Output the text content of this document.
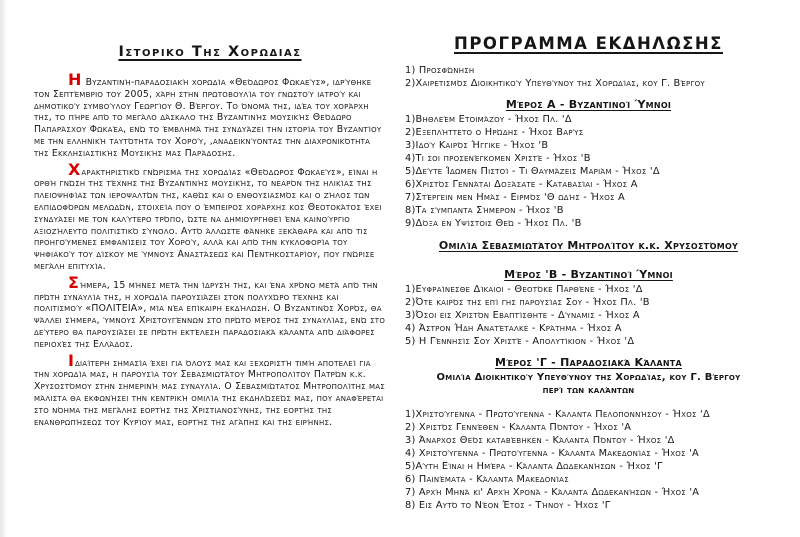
Ιστορικο Της Χορωδιας

Η Βυζαντινή-παραδοσιακή χορωδία «Θεόδωρος Φωκαεύς», ιδρύθηκε τον Σεπτέμβριο του 2005, χάρη στην πρωτοβουλία του γνωστού ιατρού και δημοτικού συμβούλου Γεωργίου Θ. Βέργου. Το όνομά της, ιδέα του χοράρχη της, το πήρε από το μεγάλο δάσκαλο της Βυζαντινής μουσικής Θεόδωρο Παπαράσχου Φωκαέα, ενώ το έμβλημά της συνδυάζει την ιστορία του Βυζαντίου με την ελληνική ταυτότητα του Χορού, ,αναδεικνύοντας την διαχρονικότητα της Εκκλησιαστικής Μουσικής μας Παράδοσης.

Χαρακτηριστικό γνώρισμα της χορωδίας «Θεόδωρος Φωκαεύς», είναι η ορθή γνώση της τέχνης της Βυζαντινής μουσικής, το νεαρόν της ηλικίας της πλειοψηφίας των ιεροψαλτών της, καθώς και ο ενθουσιασμός και ο ζήλος των ελπιδοφόρων μελωδών, στοιχεία που ο έμπειρος χοράρχης κος Θεοτοκάτος έχει συνδυάσει με τον καλύτερο τρόπο, ώστε να δημιουργηθεί ένα καινούργιο αξιοζήλευτο πολιτιστικό σύνολο. Αυτό άλλωστε φάνηκε ξεκάθαρα και από τις προηγούμενες εμφανίσεις του Χορού, αλλά και από την κυκλοφορία του ψηφιακού του δίσκου με ύμνους Αναστάσεως και Πεντηκοσταρίου, που γνώρισε μεγάλη επιτυχία.

Σήμερα, 15 μήνες μετά την ίδρυσή της, και ένα χρόνο μετά από την πρώτη συναυλία της, η χορωδία παρουσιάζει στον πολυχώρο τέχνης και πολιτισμού «ΠΟΛΙΤΕΙΑ», μία νέα επίκαιρη εκδήλωση. Ο Βυζαντινός Χορός, θα ψάλλει σήμερα, ύμνους Χριστουγέννων στο πρώτο μέρος της συναυλίας, ενώ στο δεύτερο θα παρουσιάσει σε πρώτη εκτέλεση παραδοσιακά κάλαντα από διάφορες περιοχές της Ελλάδος.

Ιδιαίτερη σημασία έχει για όλους μας και ξεχωριστή τιμή αποτελεί για την χορωδία μας, η παρουσία του Σεβασμιωτάτου Μητροπολίτου Πατρών κ.κ. Χρυσοστόμου στην σημερινή μας συναυλία. Ο Σεβασμιώτατος Μητροπολίτης μας μάλιστα θα εκφωνήσει την κεντρική ομιλία της εκδηλώσεώς μας, που αναφέρεται στο νόημα της μεγάλης εορτής της Χριστιανοσύνης, της εορτής της ενανθρωπήσεως του Κυρίου μας, εορτής της αγάπης και της ειρήνης.

ΠΡΟΓΡΑΜΜΑ ΕΚΔΗΛΩΣΗΣ
1) Προσφώνηση
2)Χαιρετισμός Διοικητικού Υπευθύνου της Χορωδίας, κου Γ. Βέργου
Μέρος Α - Βυζαντινοί Ύμνοι
1)Βηθλεέμ Ετοιμάζου - Ήχος Πλ. 'Δ
2)Εξεπλήττετο ο Ηρώδης - Ήχος Βαρύς
3)Ιδού Καιρός Ήγγικε - Ήχος 'Β
4)Τι σοι προσενέγκομεν Χριστέ - Ήχος 'Β
5)Δεύτε Ίδωμεν Πιστοί - Τι Θαυμάζεις Μαριάμ - Ήχος 'Δ
6)Χριστός Γεννάται Δοξάσατε - Καταβασίαι - Ήχος Α
7)Στέργειν μεν Ημάς - Ειρμός 'Θ ωδής - Ήχος Α
8)Τα σύμπαντα Σήμερον - Ήχος 'Β
9)Δόξα εν Υψίστοις Θεώ - Ήχος Πλ. 'Β
Ομιλία Σεβασμιωτάτου Μητρολίτου κ.κ. Χρυσοστόμου
Μέρος 'Β - Βυζαντινοί Ύμνοι
1)Ευφραίνεσθε Δίκαιοι - Θεοτόκε Παρθένε - Ήχος 'Δ
2)Ότε καιρός της επί γης παρουσίας Σου - Ήχος Πλ. 'Β
3)Όσοι εις Χριστόν Εβαπτίσθητε - Δύναμις - Ήχος Α
4) Άστρον Ήδη Ανατέταλκε - Κράτημα - Ήχος Α
5) Η Γέννησίς Σου Χριστέ - Απολυτίκιον - Ήχος 'Δ
Μέρος 'Γ - Παραδοσιακά Κάλαντα
Ομιλία Διοικητικού Υπευθύνου της Χορωδίας, κου Γ. Βέργου
περί των καλάντων
1)Χριστούγεννα - Πρωτούγεννα - Κάλαντα Πελοποννήσου - Ήχος 'Δ
2) Χριστός Γεννέθεν - Κάλαντα Πόντου - Ήχος 'Α
3) Άναρχος Θεός καταβέβηκεν - Κάλαντα Πόντου - Ήχος 'Δ
4) Χριστούγεννα - Πρωτούγεννα - Κάλαντα Μακεδονίας - Ήχος 'Α
5)Αύτη Είναι η Ημέρα - Κάλαντα Δωδεκανήσων - Ήχος 'Γ
6) Παινέματα - Κάλαντα Μακεδονίας
7) Αρχή Μηνά κι' Αρχή Χρονά - Κάλαντα Δωδεκανήσων - Ήχος 'Α
8) Εις Αυτό το Νέον Έτος - Τήνου - Ήχος 'Γ
